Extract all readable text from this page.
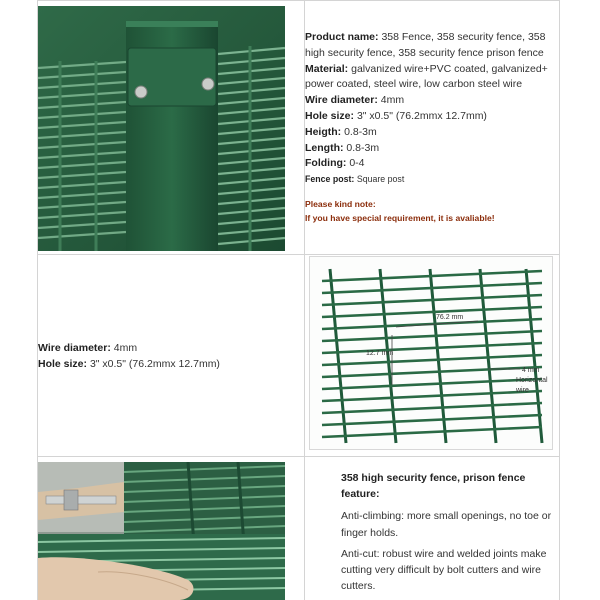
Product name: 358 Fence, 358 security fence, 358 high security fence, 358 security fence prison fence
Material: galvanized wire+PVC coated, galvanized+ power coated, steel wire, low carbon steel wire
Wire diameter: 4mm
Hole size: 3" x0.5" (76.2mmx 12.7mm)
Heigth: 0.8-3m
Length: 0.8-3m
Folding: 0-4
Fence post: Square post
Please kind note:
If you have special requirement, it is avaliable!
Wire diameter: 4mm
Hole size: 3" x0.5" (76.2mmx 12.7mm)
76.2 mm
12.7 mm
4 mm
Horizontal
wire
358 high security fence, prison fence feature:

Anti-climbing: more small openings, no toe or finger holds.

Anti-cut: robust wire and welded joints make cutting very difficult by bolt cutters and wire cutters.
